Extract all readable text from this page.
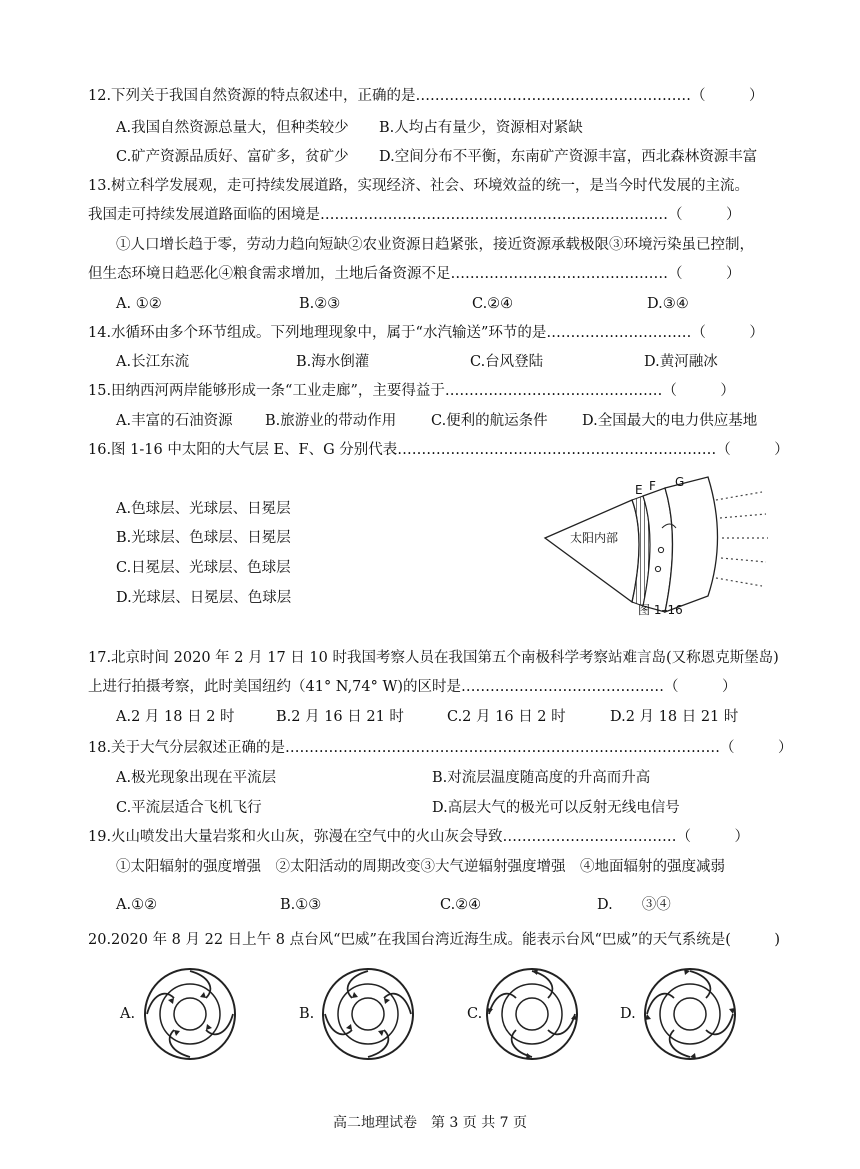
12.下列关于我国自然资源的特点叙述中，正确的是…………………………………………………（　　　）
A.我国自然资源总量大，但种类较少 B.人均占有量少，资源相对紧缺
C.矿产资源品质好、富矿多，贫矿少 D.空间分布不平衡，东南矿产资源丰富，西北森林资源丰富
13.树立科学发展观，走可持续发展道路，实现经济、社会、环境效益的统一，是当今时代发展的主流。
我国走可持续发展道路面临的困境是………………………………………………………………（　　　）
①人口增长趋于零，劳动力趋向短缺②农业资源日趋紧张，接近资源承载极限③环境污染虽已控制，
但生态环境日趋恶化④粮食需求增加，土地后备资源不足………………………………………（　　　）
A. ①②	B.②③	C.②④	D.③④
14.水循环由多个环节组成。下列地理现象中，属于“水汽输送”环节的是…………………………（　　　）
A.长江东流	B.海水倒灌	C.台风登陆	D.黄河融冰
15.田纳西河两岸能够形成一条“工业走廊”，主要得益于………………………………………（　　　）
A.丰富的石油资源 B.旅游业的带动作用 C.便利的航运条件 D.全国最大的电力供应基地
16.图 1-16 中太阳的大气层 E、F、G 分别代表…………………………………………………………（　　　）
A.色球层、光球层、日冕层
B.光球层、色球层、日冕层
C.日冕层、光球层、色球层
D.光球层、日冕层、色球层
太阳内部
E F G
图 1–16
17.北京时间 2020 年 2 月 17 日 10 时我国考察人员在我国第五个南极科学考察站难言岛(又称恩克斯堡岛)
上进行拍摄考察，此时美国纽约（41° N,74° W)的区时是……………………………………（　　　）
A.2 月 18 日 2 时	B.2 月 16 日 21 时	C.2 月 16 日 2 时	D.2 月 18 日 21 时
18.关于大气分层叙述正确的是………………………………………………………………………………（　　　）
A.极光现象出现在平流层	B.对流层温度随高度的升高而升高
C.平流层适合飞机飞行	D.高层大气的极光可以反射无线电信号
19.火山喷发出大量岩浆和火山灰，弥漫在空气中的火山灰会导致………………………………（　　　）
①太阳辐射的强度增强　②太阳活动的周期改变③大气逆辐射强度增强　④地面辐射的强度减弱
A.①②	B.①③	C.②④	D.　　③④
20.2020 年 8 月 22 日上午 8 点台风“巴威”在我国台湾近海生成。能表示台风“巴威”的天气系统是(　　　)
A.	B.	C.	D.
高二地理试卷　第 3 页 共 7 页
